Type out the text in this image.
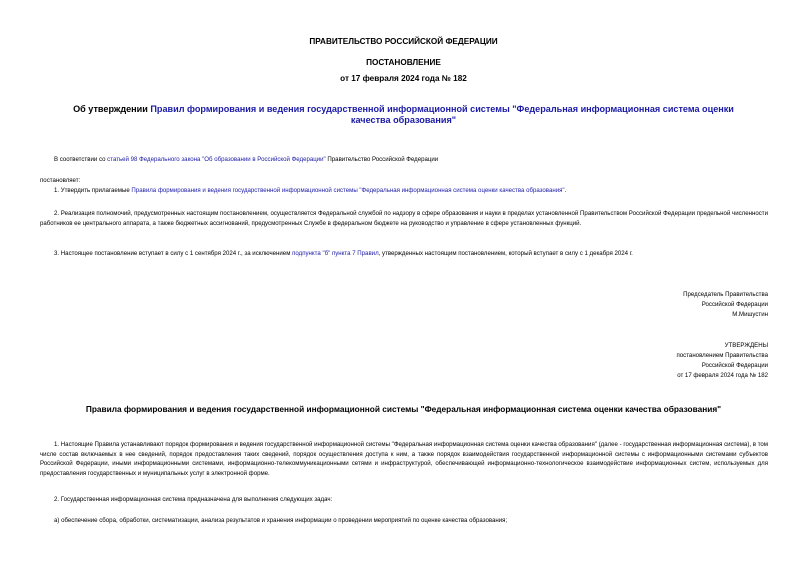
ПРАВИТЕЛЬСТВО РОССИЙСКОЙ ФЕДЕРАЦИИ
ПОСТАНОВЛЕНИЕ
от 17 февраля 2024 года № 182
Об утверждении Правил формирования и ведения государственной информационной системы "Федеральная информационная система оценки качества образования"
В соответствии со статьей 98 Федерального закона "Об образовании в Российской Федерации" Правительство Российской Федерации
постановляет:
1. Утвердить прилагаемые Правила формирования и ведения государственной информационной системы "Федеральная информационная система оценки качества образования".
2. Реализация полномочий, предусмотренных настоящим постановлением, осуществляется Федеральной службой по надзору в сфере образования и науки в пределах установленной Правительством Российской Федерации предельной численности работников ее центрального аппарата, а также бюджетных ассигнований, предусмотренных Службе в федеральном бюджете на руководство и управление в сфере установленных функций.
3. Настоящее постановление вступает в силу с 1 сентября 2024 г., за исключением подпункта "б" пункта 7 Правил, утвержденных настоящим постановлением, который вступает в силу с 1 декабря 2024 г.
Председатель Правительства
Российской Федерации
М.Мишустин
УТВЕРЖДЕНЫ
постановлением Правительства
Российской Федерации
от 17 февраля 2024 года № 182
Правила формирования и ведения государственной информационной системы "Федеральная информационная система оценки качества образования"
1. Настоящие Правила устанавливают порядок формирования и ведения государственной информационной системы "Федеральная информационная система оценки качества образования" (далее - государственная информационная система), в том числе состав включаемых в нее сведений, порядок предоставления таких сведений, порядок осуществления доступа к ним, а также порядок взаимодействия государственной информационной системы с информационными системами субъектов Российской Федерации, иными информационными системами, информационно-телекоммуникационными сетями и инфраструктурой, обеспечивающей информационно-технологическое взаимодействие информационных систем, используемых для предоставления государственных и муниципальных услуг в электронной форме.
2. Государственная информационная система предназначена для выполнения следующих задач:
а) обеспечение сбора, обработки, систематизации, анализа результатов и хранения информации о проведении мероприятий по оценке качества образования;
